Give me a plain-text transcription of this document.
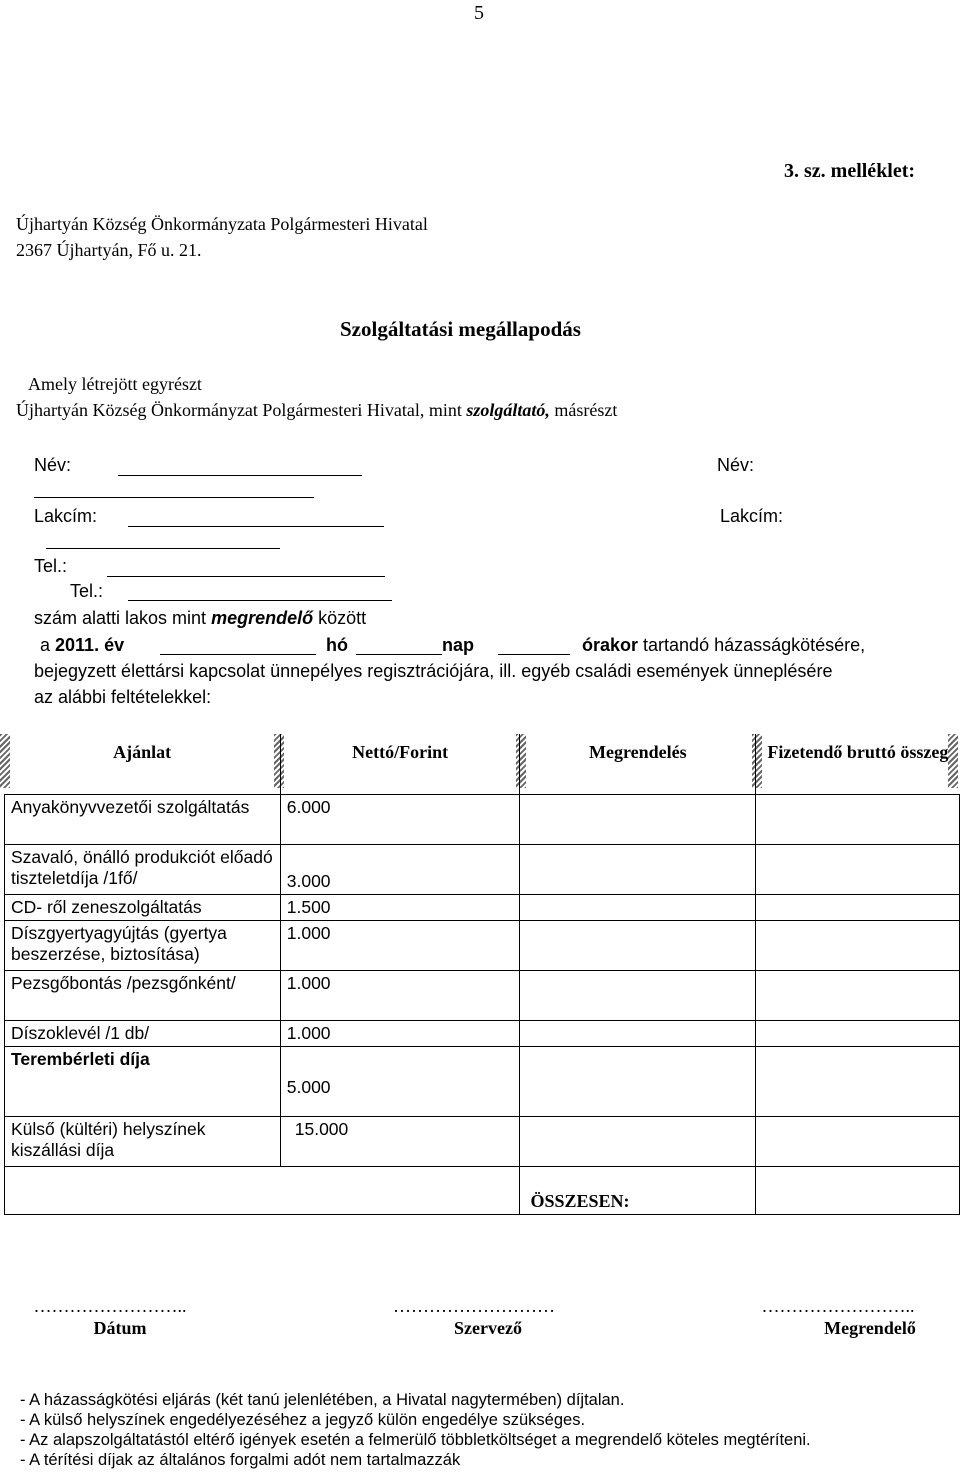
5
3. sz. melléklet:
Újhartyán Község Önkormányzata Polgármesteri Hivatal
2367 Újhartyán, Fő u. 21.
Szolgáltatási megállapodás
Amely létrejött egyrészt
Újhartyán Község Önkormányzat Polgármesteri Hivatal, mint szolgáltató, másrészt
Név:	Név:
Lakcím:	Lakcím:
Tel.:
Tel.:
szám alatti lakos mint megrendelő között
a 2011. év	hó	nap	órakor tartandó házasságkötésére,
bejegyzett élettársi kapcsolat ünnepélyes regisztrációjára, ill. egyéb családi események ünneplésére
az alábbi feltételekkel:
Ajánlat	Nettó/Forint	Megrendelés	Fizetendő bruttó összeg
Anyakönyvvezetői szolgáltatás	6.000		
Szavaló, önálló produkciót előadó tiszteletdíja /1fő/	3.000		
CD- ről zeneszolgáltatás	1.500		
Díszgyertyagyújtás (gyertya beszerzése, biztosítása)	1.000		
Pezsgőbontás /pezsgőnként/	1.000		
Díszoklevél /1 db/	1.000		
Terembérleti díja	5.000		
Külső (kültéri) helyszínek kiszállási díja	15.000		
		ÖSSZESEN:	
……………………..
Dátum
………………………
Szervező
……………………..
Megrendelő
- A házasságkötési eljárás (két tanú jelenlétében, a Hivatal nagytermében) díjtalan.
- A külső helyszínek engedélyezéséhez a jegyző külön engedélye szükséges.
- Az alapszolgáltatástól eltérő igények esetén a felmerülő többletköltséget a megrendelő köteles megtéríteni.
- A térítési díjak az általános forgalmi adót nem tartalmazzák
